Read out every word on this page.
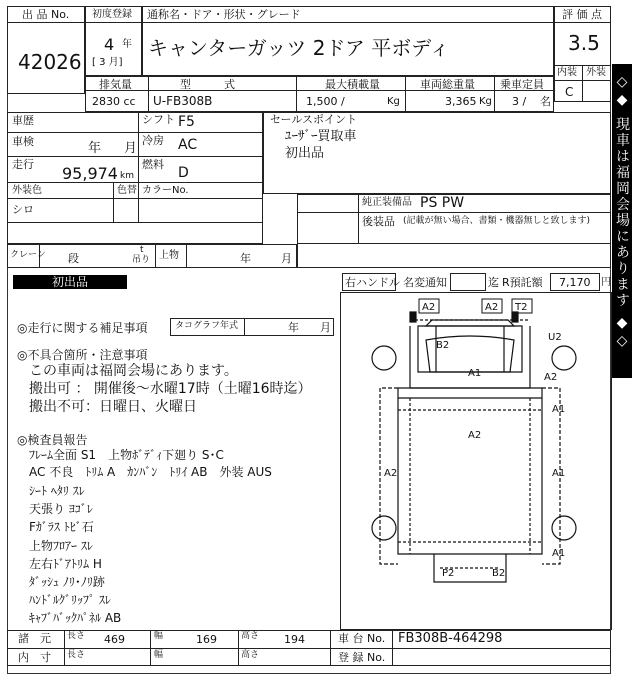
出 品 No.
42026
初度登録
4 年
[ 3 月]
通称名・ドア・形状・グレード
キャンターガッツ 2ドア 平ボディ
評 価 点
3.5
内装 外装
C
排気量
2830 cc
型　　　式
U-FB308B
最大積載量
1,500 /	Kg
車両総重量
3,365 Kg
乗車定員
3 / 名
車歴	シフト F5
車検	年 月
冷房 AC
走行 95,974 km
燃料
D
外装色
シロ
色替 カラーNo.
クレーン 段
t
吊り 上物	年	月
セールスポイント
ﾕｰｻﾞｰ買取車
初出品
純正装備品 PS PW
後装品 (記載が無い場合、書類・機器無しと致します) ◇◆ 現車は福岡会場にあります ◆◇
初出品	右ハンドル 名変通知	迄 R預託額 7,170 円
◎走行に関する補足事項	タコグラフ年式	年 月
◎不具合箇所・注意事項
この車両は福岡会場にあります。
搬出可 ： 開催後～水曜17時（土曜16時迄）
搬出不可：日曜日、火曜日
◎検査員報告
ﾌﾚｰﾑ全面 S1　上物ﾎﾞﾃﾞｨ下廻り S･C
AC 不良　ﾄﾘﾑ A　ｶﾝﾊﾞﾝ　ﾄﾘｲ AB　外装 AUS
ｼｰﾄ ﾍﾀﾘ ｽﾚ
天張り ﾖｺﾞﾚ
Fｶﾞﾗｽ ﾄﾋﾞ石
上物ﾌﾛｱｰ ｽﾚ
左右ﾄﾞｱﾄﾘﾑ H
ﾀﾞｯｼｭ ﾉﾘ･ﾉﾘ跡
ﾊﾝﾄﾞﾙｸﾞﾘｯﾌﾟ ｽﾚ
ｷｬﾌﾞﾊﾞｯｸﾊﾟﾈﾙ AB
A2	A2 T2
B2
U2
A1	A2
A1
A2
A2	A1
A1
P2	B2
諸　元 長さ 469	幅	169	高さ 194	車 台 No. FB308B-464298
内　寸 長さ	幅	高さ	登 録 No.
